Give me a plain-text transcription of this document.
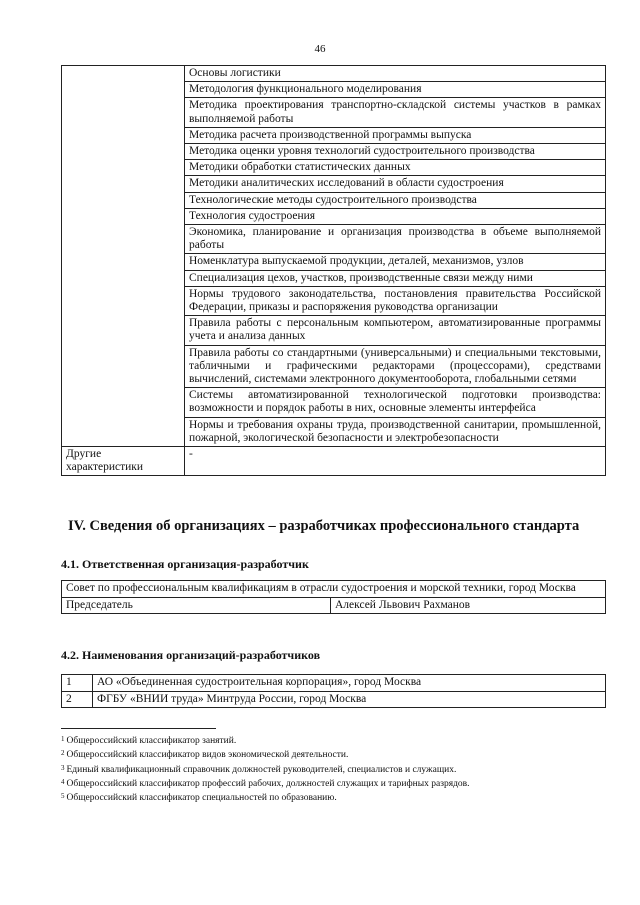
46
	Основы логистики
	Методология функционального моделирования
	Методика проектирования транспортно-складской системы участков в рамках выполняемой работы
	Методика расчета производственной программы выпуска
	Методика оценки уровня технологий судостроительного производства
	Методики обработки статистических данных
	Методики аналитических исследований в области судостроения
	Технологические методы судостроительного производства
	Технология судостроения
	Экономика, планирование и организация производства в объеме выполняемой работы
	Номенклатура выпускаемой продукции, деталей, механизмов, узлов
	Специализация цехов, участков, производственные связи между ними
	Нормы трудового законодательства, постановления правительства Российской Федерации, приказы и распоряжения руководства организации
	Правила работы с персональным компьютером, автоматизированные программы учета и анализа данных
	Правила работы со стандартными (универсальными) и специальными текстовыми, табличными и графическими редакторами (процессорами), средствами вычислений, системами электронного документооборота, глобальными сетями
	Системы автоматизированной технологической подготовки производства: возможности и порядок работы в них, основные элементы интерфейса
	Нормы и требования охраны труда, производственной санитарии, промышленной, пожарной, экологической безопасности и электробезопасности
Другие характеристики	-
IV. Сведения об организациях – разработчиках профессионального стандарта
4.1. Ответственная организация-разработчик
Совет по профессиональным квалификациям в отрасли судостроения и морской техники, город Москва
Председатель	Алексей Львович Рахманов
4.2. Наименования организаций-разработчиков
1	АО «Объединенная судостроительная корпорация», город Москва
2	ФГБУ «ВНИИ труда» Минтруда России, город Москва
$^1$ Общероссийский классификатор занятий.
$^2$ Общероссийский классификатор видов экономической деятельности.
$^3$ Единый квалификационный справочник должностей руководителей, специалистов и служащих.
$^4$ Общероссийский классификатор профессий рабочих, должностей служащих и тарифных разрядов.
$^5$ Общероссийский классификатор специальностей по образованию.
